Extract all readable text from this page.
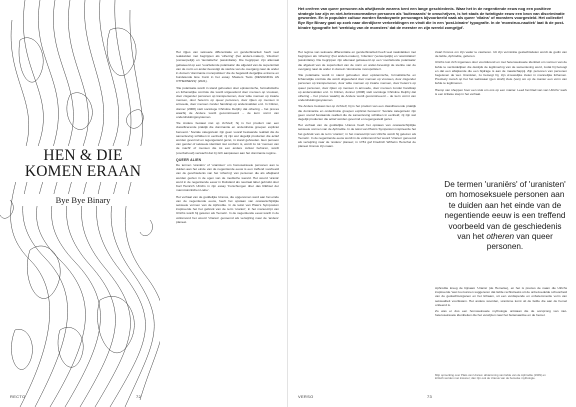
HEN & DIE
KOMEN ERAAN
Bye Bye Binary

Het rijtjes van seksuele differentiatie en genderbinariteit heeft veel reakkelden met begrippen als 'othering' (het anders-maken), 'infection' (verwerpelijk) en 'tientalische' (assimilatie). Die begrippen zijn allemaal gebaseerd op een 'voorliefende polarisatie' die afgeleid van de superioriteit van de norm en ander-bevestigt de sterkte van de overgang naar de ander in domein 'dominante monopolisten' die de begeleidt dergelijke extreme en bundelende Ene Conti in het essay 'Masters Tools (DESIGNING AS OTHERNESS)' (2021).

'Die polarisatie wordt in stand gehouden door epistemische, formalistische en lichamelijke controle die wordt uitgeoefend door mensen op vrouwen, door cisgender personen op transpersonen, door witte mensen op zwarte mensen, door hetero's op queer personen, door rijken op mensen in armoede, door mensen zonder handicap op andersvaliden enz. In Citizen, donner (2008) stelt sociologe Christine Delphy dat othering – het proces waarbij de Andere wordt geconstrueerd – de kern vormt van onderdrukkingssystemen.

'De Andere bestaat niet op zichzelf, hij is het product van een classificerende praktijk die dominantie en onderdrukte groepen expliciet benoemt.' Sociale categorieën zijn geen vooraf bestaande realiteit die de samenleving schikken in eenheid; zij zijn wel degelijk producten die actief worden gevormd en tegengesteld gezet, in stand gehouden. Een persoon van gender of seksuele identiteit niet conform is, wordt zo tot 'mensen van de macht' of mensen die tot een andere cultuur behoren, wordt (voorbehoud) verwacht dat zij zich aanpassen aan het dominante regime.

QUEER ALIEN

De termen 'uraniërs' of 'uranisten' om homoseksuele personen aan te duiden aan het einde van de negentiende eeuw is een treffend voorbeeld van de geschiedenis van het 'othering' van personen die als afwijkend werden gezien in de ogen van de medische wereld. Het woord 'urania' werd in de negentiende eeuw in Duitsland als neutraal label gebruikt door Karl Heinrich Ulrichs in zijn essay 'Forschungen über das Räthsel der mannmännlichen Liebe'.

Het verhaal van de goddelijke Uranos, die opgenomen werd aan het einde van de negentiende eeuw, heeft het opstaan van onwaarschijnlijke seksuele vormen van de Aphrodite. In de tekst van Plato's Symposium inspireerde het het gebruik van de term 'uraniër', in het manuscript van Ulrichs wordt hij gelezen als 'hemels'. In de negentiende eeuw wordt in de volksmond het woord 'Uranus' genoemd als verwijzing naar de 'andere' planeet.

Het creëren van queer personen als afwijkende wezens kent een lange geschiedenis. Waar het in de negentiende eeuw nog een positieve strategie bar zijn en niet-heteronormatieve personen als 'buitenaards' te omschrijven, is het stads de twintigste eeuw een bron van discriminatie geworden. En in populaire cultuur worden flamboyante personages bijvoorbeeld vaak als queer 'vilains' of monsters voorgesteld. Het collectief Bye Bye Binary gaat op zoek naar dierdijkere verbeeldingen en vindt die in een 'post-binaire' typografie. In de 'monstruo-nautiek' laat ik de post-binaire typografie het 'werktuig van de monsters' dat de meester en zijn wereld zomgrijpt'.

Het regime van seksuele differentiatie en genderbinariteit heeft veel raakvlakken met begrippen als 'othering' (het anders-maken), 'infection' (verwerpelijk) en 'assimilation' (assimilatie). Die begrippen zijn allemaal gebaseerd op een 'voorliefende polarisatie' die afgeleid van de superioriteit van de norm en ander-bevestigt de sterkte van de overgang naar de ander in domein 'dominante monopolisten'.

'Die polarisatie wordt in stand gehouden door epistemische, formalistische en lichamelijke controle die wordt uitgeoefend door mensen op vrouwen, door cisgender personen op transpersonen, door witte mensen op zwarte mensen, door hetero's op queer personen, door rijken op mensen in armoede, door mensen zonder handicap op andersvaliden enz. In Citizen, donner (2008) stelt sociologe Christine Delphy dat othering – het proces waarbij de Andere wordt geconstrueerd – de kern vormt van onderdrukkingssystemen.

'De Andere bestaat niet op zichzelf, hij is het product van een classificerende praktijk die dominantie en onderdrukte groepen expliciet benoemt.' Sociale categorieën zijn geen vooraf bestaande realiteit die de samenleving schikken in eenheid; zij zijn wel degelijk producten die actief worden gevormd en tegengesteld gezet.

Het verhaal van de goddelijke Uranos heeft het opstaan van onwaarschijnlijke seksuele vormen van de Aphrodite. In de tekst van Plato's Symposium inspireerde het het gebruik van de term 'uraniër', in het manuscript van Ulrichs wordt hij gelezen als 'hemels'. In de negentiende eeuw wordt in de volksmond het woord 'Uranus' genoemd als verwijzing naar de 'andere' planeet; in 1781 gaf Friedrich Wilhelm Herschel de planeet Uranus zijn naam.

zwart Kronos om zijn vader te castreren. Uit zijn verminkte geslachtsdelen wordt de godin van de liefde, Aphrodite, geboren.

Ulrichs lost zich ingenieus door voortdurend en met heteroseksuele identiteit om vormen van de liefde te verduidelijken die destijds de legitimering van de samenleving werd, zodat hij betoogt en dat een afwijkende die een bijdrage is aan de maatschappij. Zijn personen van personen begeleven de wet. Uranisten, zo betoogt hij, zijn vrouwelijke zielen in mannelijke lichamen. Precisely moreh op het het weliswaar (gen straft) ziele (van) om op de manier een vorm van liefde te legitimeren.

Hierop van sheppen hoor een stuk om ons op een manier. Leed het blad van van Ulrichs' werk is een kritieke stap in het verhaal.

De termen 'uraniërs' of 'uranisten' om homoseksuele personen aan te duiden aan het einde van de negentiende eeuw is een treffend voorbeeld van de geschiedenis van het otheren van queer personen.

Aphrodite kreeg de bijnaam 'Urania' (de Hemelse), en het is precies de naam die Ulrichs inspireerde 'wat zou kunnen suggereren dat liefde rechtstreeks uit de onbezoedelde schoonheid van de geslachtsorganen en het lichaam, uit een verdiepende en onbelemmerde vorm van seksualiteit voortkwam. Het andere woorden, uranisme komt uit de liefde die aan de hemel ontleend is.

Zo was er dus een homoseksuele mythologie ontstaan die de oorsprong van niet-heteroseksuele identiteiten die het verwijzen naar het buitenaardse en de hemel.

Mijn opmerking over Plato van Uranus: afstamming van liefde van de Aphrodite (1909) en kritisch worden met inwoner; dan zijn ook de Uranus van de hemelse mythologie.
RECTO	72	VERSO	73
